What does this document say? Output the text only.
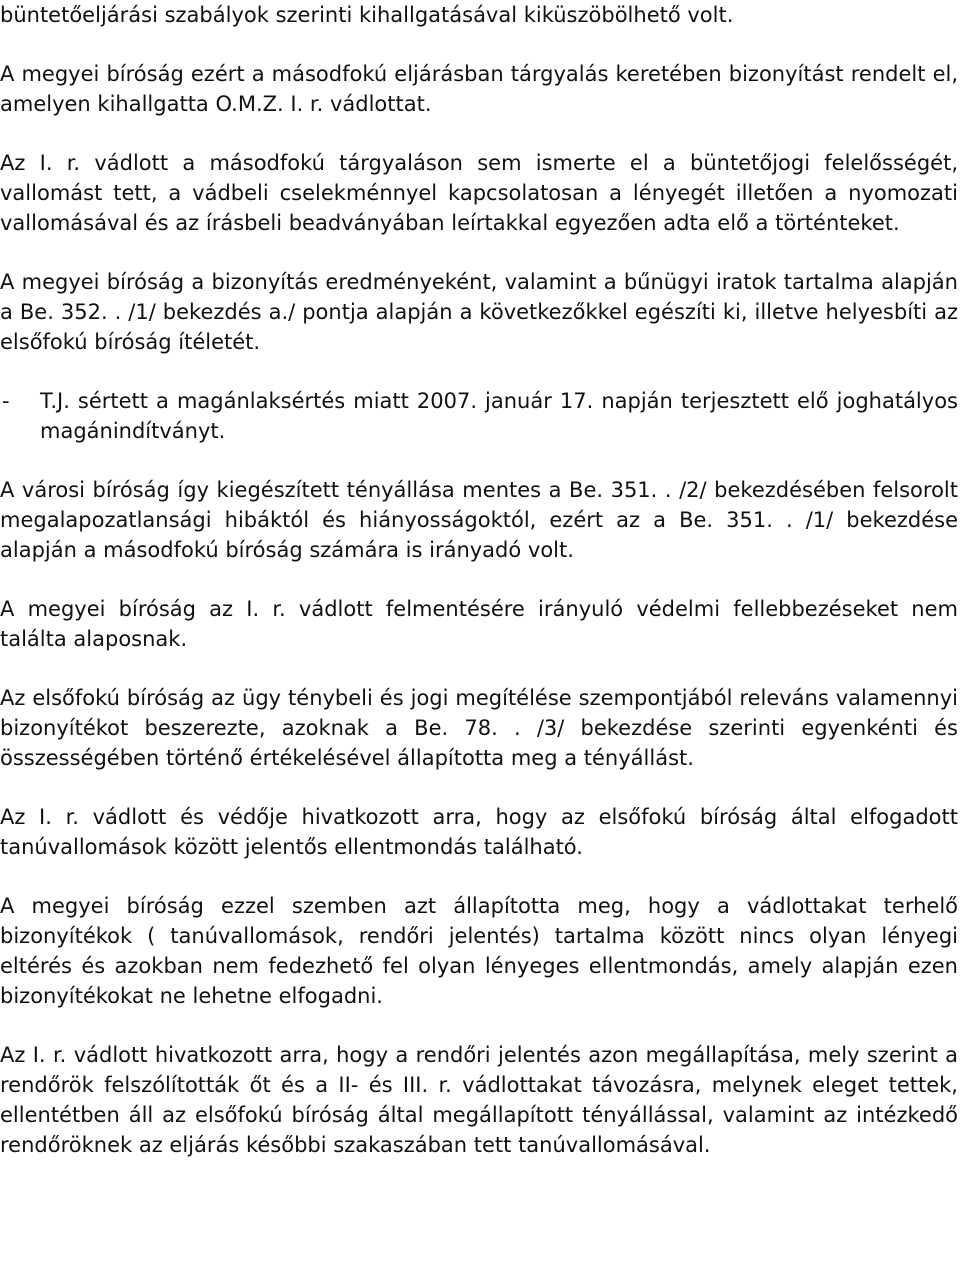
büntetőeljárási szabályok szerinti kihallgatásával kiküszöbölhető volt.

A megyei bíróság ezért a másodfokú eljárásban tárgyalás keretében bizonyítást rendelt el, amelyen kihallgatta O.M.Z. I. r. vádlottat.

Az I. r. vádlott a másodfokú tárgyaláson sem ismerte el a büntetőjogi felelősségét, vallomást tett, a vádbeli cselekménnyel kapcsolatosan a lényegét illetően a nyomozati vallomásával és az írásbeli beadványában leírtakkal egyezően adta elő a történteket.

A megyei bíróság a bizonyítás eredményeként, valamint a bűnügyi iratok tartalma alapján a Be. 352. . /1/ bekezdés a./ pontja alapján a következőkkel egészíti ki, illetve helyesbíti az elsőfokú bíróság ítéletét.

-	T.J. sértett a magánlaksértés miatt 2007. január 17. napján terjesztett elő joghatályos magánindítványt.

A városi bíróság így kiegészített tényállása mentes a Be. 351. . /2/ bekezdésében felsorolt megalapozatlansági hibáktól és hiányosságoktól, ezért az a Be. 351. . /1/ bekezdése alapján a másodfokú bíróság számára is irányadó volt.

A megyei bíróság az I. r. vádlott felmentésére irányuló védelmi fellebbezéseket nem találta alaposnak.

Az elsőfokú bíróság az ügy ténybeli és jogi megítélése szempontjából releváns valamennyi bizonyítékot beszerezte, azoknak a Be. 78. . /3/ bekezdése szerinti egyenkénti és összességében történő értékelésével állapította meg a tényállást.

Az I. r. vádlott és védője hivatkozott arra, hogy az elsőfokú bíróság által elfogadott tanúvallomások között jelentős ellentmondás található.

A megyei bíróság ezzel szemben azt állapította meg, hogy a vádlottakat terhelő bizonyítékok ( tanúvallomások, rendőri jelentés) tartalma között nincs olyan lényegi eltérés és azokban nem fedezhető fel olyan lényeges ellentmondás, amely alapján ezen bizonyítékokat ne lehetne elfogadni.

Az I. r. vádlott hivatkozott arra, hogy a rendőri jelentés azon megállapítása, mely szerint a rendőrök felszólították őt és a II- és III. r. vádlottakat távozásra, melynek eleget tettek, ellentétben áll az elsőfokú bíróság által megállapított tényállással, valamint az intézkedő rendőröknek az eljárás későbbi szakaszában tett tanúvallomásával.
